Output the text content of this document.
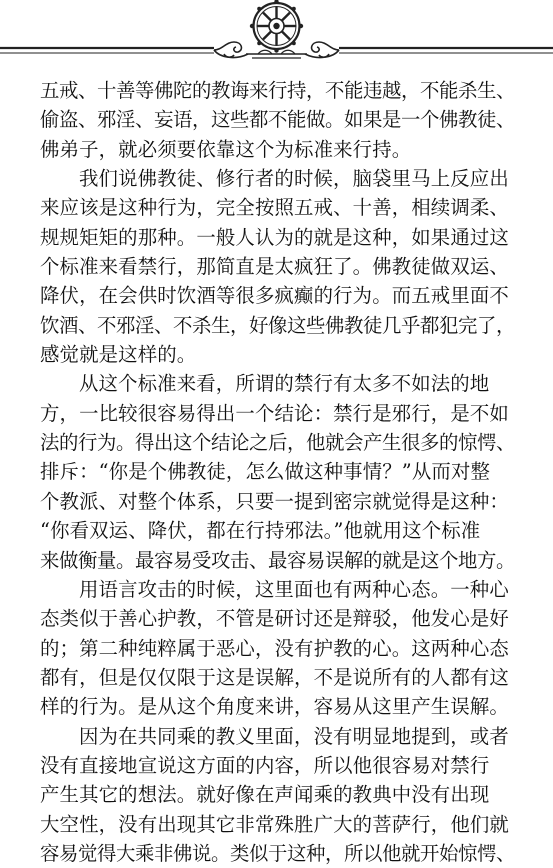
五戒、十善等佛陀的教诲来行持，不能违越，不能杀生、
偷盗、邪淫、妄语，这些都不能做。如果是一个佛教徒、
佛弟子，就必须要依靠这个为标准来行持。
我们说佛教徒、修行者的时候，脑袋里马上反应出
来应该是这种行为，完全按照五戒、十善，相续调柔、
规规矩矩的那种。一般人认为的就是这种，如果通过这
个标准来看禁行，那简直是太疯狂了。佛教徒做双运、
降伏，在会供时饮酒等很多疯癫的行为。而五戒里面不
饮酒、不邪淫、不杀生，好像这些佛教徒几乎都犯完了，
感觉就是这样的。
从这个标准来看，所谓的禁行有太多不如法的地
方，一比较很容易得出一个结论：禁行是邪行，是不如
法的行为。得出这个结论之后，他就会产生很多的惊愕、
排斥：“你是个佛教徒，怎么做这种事情？”从而对整
个教派、对整个体系，只要一提到密宗就觉得是这种：
“你看双运、降伏，都在行持邪法。”他就用这个标准
来做衡量。最容易受攻击、最容易误解的就是这个地方。
用语言攻击的时候，这里面也有两种心态。一种心
态类似于善心护教，不管是研讨还是辩驳，他发心是好
的；第二种纯粹属于恶心，没有护教的心。这两种心态
都有，但是仅仅限于这是误解，不是说所有的人都有这
样的行为。是从这个角度来讲，容易从这里产生误解。
因为在共同乘的教义里面，没有明显地提到，或者
没有直接地宣说这方面的内容，所以他很容易对禁行
产生其它的想法。就好像在声闻乘的教典中没有出现
大空性，没有出现其它非常殊胜广大的菩萨行，他们就
容易觉得大乘非佛说。类似于这种，所以他就开始惊愕、
